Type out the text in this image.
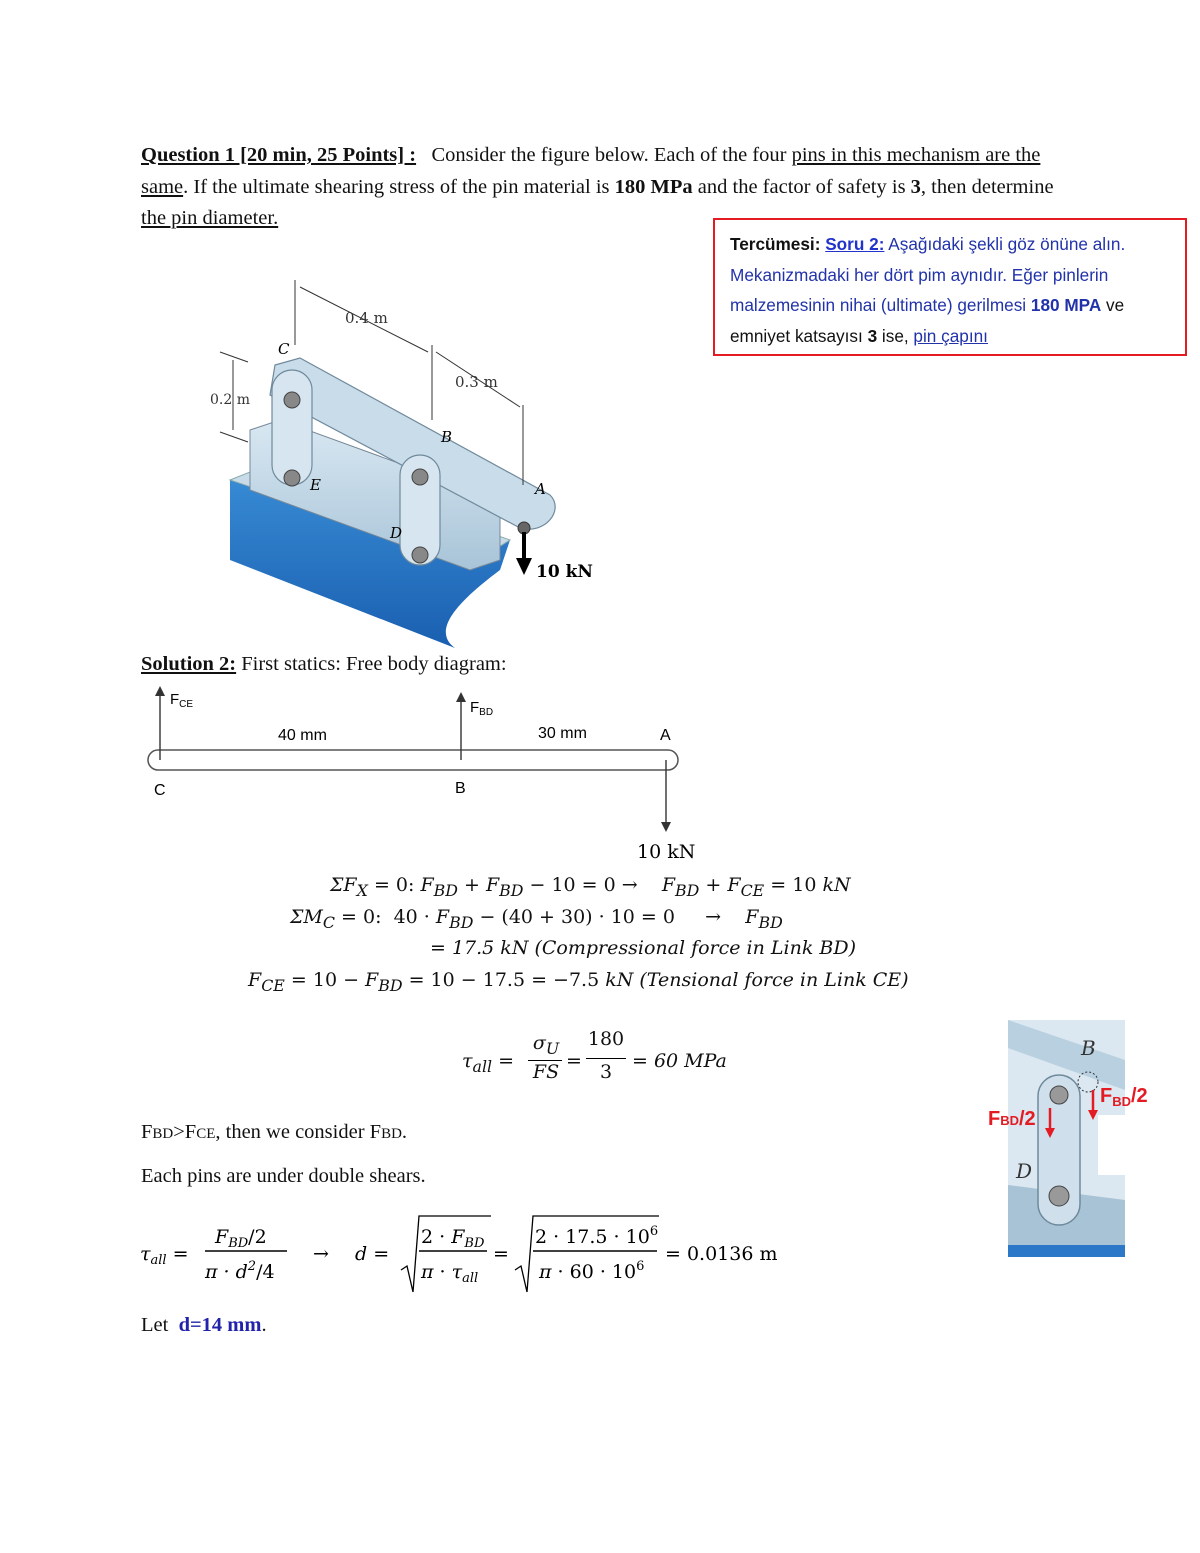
Question 1 [20 min, 25 Points] : Consider the figure below. Each of the four pins in this mechanism are the same. If the ultimate shearing stress of the pin material is 180 MPa and the factor of safety is 3, then determine the pin diameter.
Tercümesi: Soru 2: Aşağıdaki şekli göz önüne alın. Mekanizmadaki her dört pim aynıdır. Eğer pinlerin malzemesinin nihai (ultimate) gerilmesi 180 MPA ve emniyet katsayısı 3 ise, pin çapını
0.4 m
0.3 m
0.2 m
C
B
A
E
D
10 kN
Solution 2: First statics: Free body diagram:
$F_{CE}$	$F_{BD}$
40 mm	30 mm	A
C	B
10 kN
$\Sigma F_X = 0$: $F_{BD} + F_{BD} - 10 = 0$ →    $F_{BD} + F_{CE} = 10$ kN
$\Sigma M_C = 0$:  $40 \cdot F_{BD} - (40 + 30) \cdot 10 = 0$     →    $F_{BD}$
= 17.5 kN (Compressional force in Link BD)
$F_{CE} = 10 - F_{BD} = 10 - 17.5 = -7.5$ kN (Tensional force in Link CE)
$\tau_{all}$ =
$\sigma_U$
FS =
180
3	= 60 MPa
FBD>FCE, then we consider FBD.
Each pins are under double shears.
$\tau_{all}$ =
$F_{BD}/2$
$\pi \cdot d^2/4$
→ d =
$2 \cdot F_{BD}$
$\pi \cdot \tau_{all}$
=
$2 \cdot 17.5 \cdot 10^6$
$\pi \cdot 60 \cdot 10^6$
= 0.0136 m
Let  d=14 mm.
B
D
$F_{BD}/2$
FBD/2
